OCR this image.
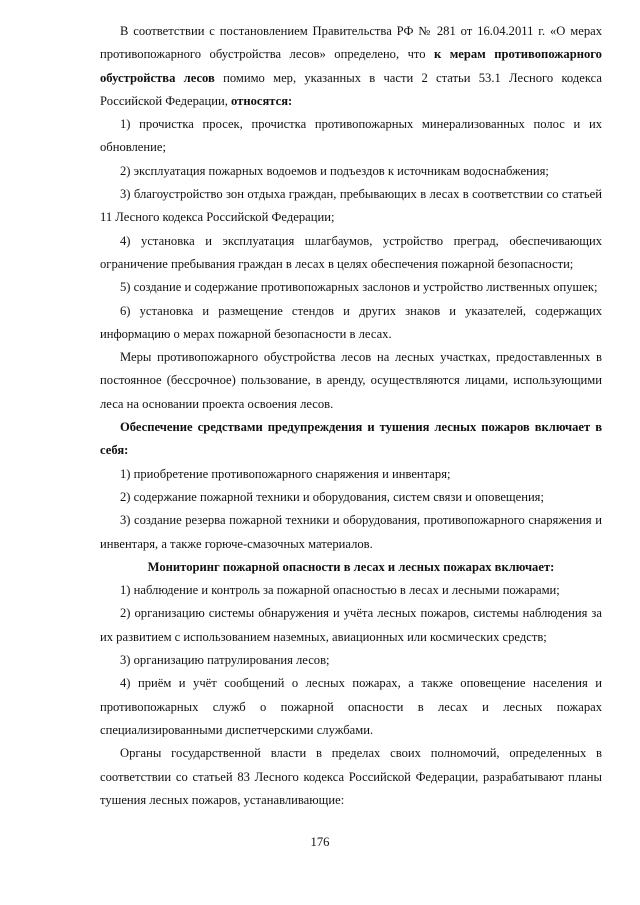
В соответствии с постановлением Правительства РФ № 281 от 16.04.2011 г. «О мерах противопожарного обустройства лесов» определено, что к мерам противопожарного обустройства лесов помимо мер, указанных в части 2 статьи 53.1 Лесного кодекса Российской Федерации, относятся:

1) прочистка просек, прочистка противопожарных минерализованных полос и их обновление;

2) эксплуатация пожарных водоемов и подъездов к источникам водоснабжения;

3) благоустройство зон отдыха граждан, пребывающих в лесах в соответствии со статьей 11 Лесного кодекса Российской Федерации;

4) установка и эксплуатация шлагбаумов, устройство преград, обеспечивающих ограничение пребывания граждан в лесах в целях обеспечения пожарной безопасности;

5) создание и содержание противопожарных заслонов и устройство лиственных опушек;

6) установка и размещение стендов и других знаков и указателей, содержащих информацию о мерах пожарной безопасности в лесах.

Меры противопожарного обустройства лесов на лесных участках, предоставленных в постоянное (бессрочное) пользование, в аренду, осуществляются лицами, использующими леса на основании проекта освоения лесов.

Обеспечение средствами предупреждения и тушения лесных пожаров включает в себя:

1) приобретение противопожарного снаряжения и инвентаря;

2) содержание пожарной техники и оборудования, систем связи и оповещения;

3) создание резерва пожарной техники и оборудования, противопожарного снаряжения и инвентаря, а также горюче-смазочных материалов.

Мониторинг пожарной опасности в лесах и лесных пожарах включает:

1) наблюдение и контроль за пожарной опасностью в лесах и лесными пожарами;

2) организацию системы обнаружения и учёта лесных пожаров, системы наблюдения за их развитием с использованием наземных, авиационных или космических средств;

3) организацию патрулирования лесов;

4) приём и учёт сообщений о лесных пожарах, а также оповещение населения и противопожарных служб о пожарной опасности в лесах и лесных пожарах специализированными диспетчерскими службами.

Органы государственной власти в пределах своих полномочий, определенных в соответствии со статьей 83 Лесного кодекса Российской Федерации, разрабатывают планы тушения лесных пожаров, устанавливающие:

176
